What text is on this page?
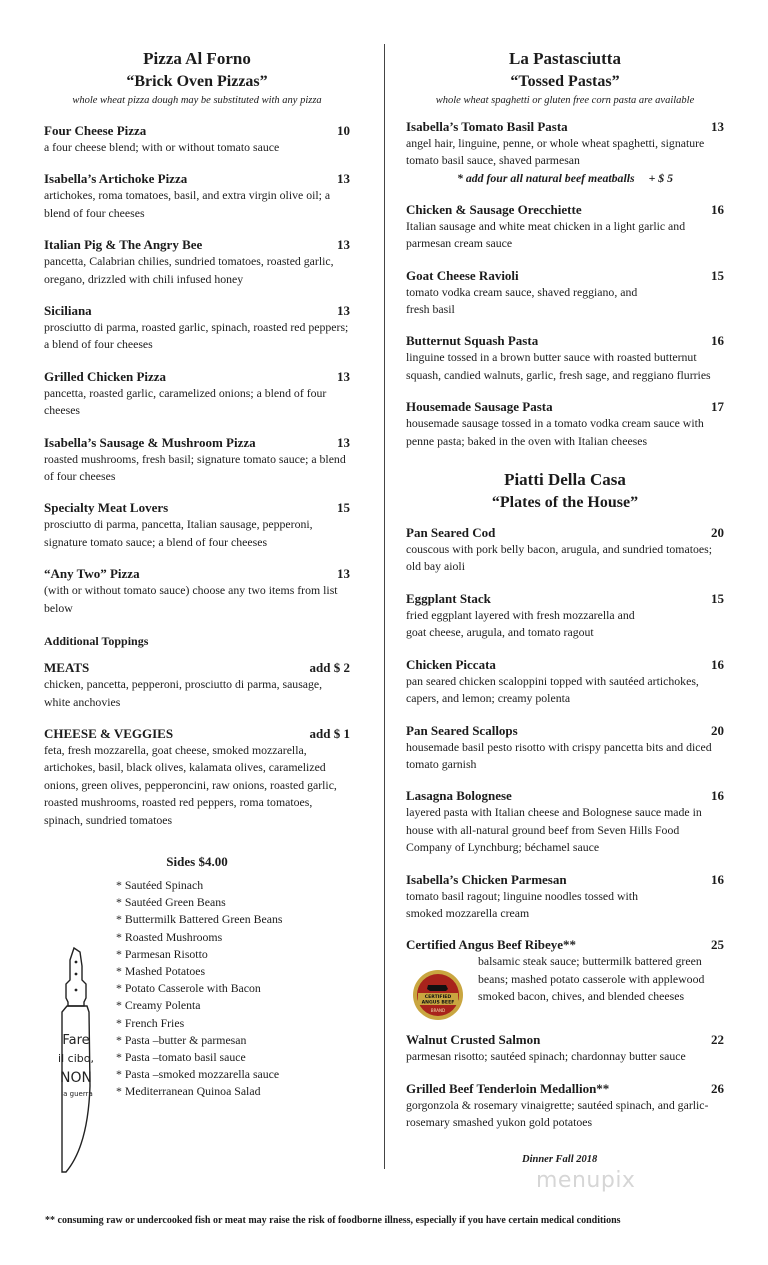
Pizza Al Forno
“Brick Oven Pizzas”
whole wheat pizza dough may be substituted with any pizza
Four Cheese Pizza	10
a four cheese blend; with or without tomato sauce
Isabella’s Artichoke Pizza	13
artichokes, roma tomatoes, basil, and extra virgin olive oil; a blend of four cheeses
Italian Pig & The Angry Bee	13
pancetta, Calabrian chilies, sundried tomatoes, roasted garlic, oregano, drizzled with chili infused honey
Siciliana	13
prosciutto di parma, roasted garlic, spinach, roasted red peppers; a blend of four cheeses
Grilled Chicken Pizza	13
pancetta, roasted garlic, caramelized onions; a blend of four cheeses
Isabella’s Sausage & Mushroom Pizza	13
roasted mushrooms, fresh basil; signature tomato sauce; a blend of four cheeses
Specialty Meat Lovers	15
prosciutto di parma, pancetta, Italian sausage, pepperoni, signature tomato sauce; a blend of four cheeses
“Any Two” Pizza	13
(with or without tomato sauce) choose any two items from list below
Additional Toppings
MEATS	add $ 2
chicken, pancetta, pepperoni, prosciutto di parma, sausage, white anchovies
CHEESE & VEGGIES	add $ 1
feta, fresh mozzarella, goat cheese, smoked mozzarella, artichokes, basil, black olives, kalamata olives, caramelized onions, green olives, pepperoncini, raw onions, roasted garlic, roasted mushrooms, roasted red peppers, roma tomatoes, spinach, sundried tomatoes
Sides $4.00
* Sautéed Spinach
* Sautéed Green Beans
* Buttermilk Battered Green Beans
* Roasted Mushrooms
* Parmesan Risotto
* Mashed Potatoes
* Potato Casserole with Bacon
* Creamy Polenta
* French Fries
* Pasta –butter & parmesan
* Pasta –tomato basil sauce
* Pasta –smoked mozzarella sauce
* Mediterranean Quinoa Salad
Fare
il cibo,
NON
la guerra
La Pastasciutta
“Tossed Pastas”
whole wheat spaghetti or gluten free corn pasta are available
Isabella’s Tomato Basil Pasta	13
angel hair, linguine, penne, or whole wheat spaghetti, signature tomato basil sauce, shaved parmesan
* add four all natural beef meatballs + $ 5
Chicken & Sausage Orecchiette	16
Italian sausage and white meat chicken in a light garlic and parmesan cream sauce
Goat Cheese Ravioli	15
tomato vodka cream sauce, shaved reggiano, and fresh basil
Butternut Squash Pasta	16
linguine tossed in a brown butter sauce with roasted butternut squash, candied walnuts, garlic, fresh sage, and reggiano flurries
Housemade Sausage Pasta	17
housemade sausage tossed in a tomato vodka cream sauce with penne pasta; baked in the oven with Italian cheeses
Piatti Della Casa
“Plates of the House”
Pan Seared Cod	20
couscous with pork belly bacon, arugula, and sundried tomatoes; old bay aioli
Eggplant Stack	15
fried eggplant layered with fresh mozzarella and goat cheese, arugula, and tomato ragout
Chicken Piccata	16
pan seared chicken scaloppini topped with sautéed artichokes, capers, and lemon; creamy polenta
Pan Seared Scallops	20
housemade basil pesto risotto with crispy pancetta bits and diced tomato garnish
Lasagna Bolognese	16
layered pasta with Italian cheese and Bolognese sauce made in house with all-natural ground beef from Seven Hills Food Company of Lynchburg; béchamel sauce
Isabella’s Chicken Parmesan	16
tomato basil ragout; linguine noodles tossed with smoked mozzarella cream
Certified Angus Beef Ribeye**	25
CERTIFIED
ANGUS BEEF
BRAND
balsamic steak sauce; buttermilk battered green beans; mashed potato casserole with applewood smoked bacon, chives, and blended cheeses
Walnut Crusted Salmon	22
parmesan risotto; sautéed spinach; chardonnay butter sauce
Grilled Beef Tenderloin Medallion**	26
gorgonzola & rosemary vinaigrette; sautéed spinach, and garlic-rosemary smashed yukon gold potatoes
Dinner Fall 2018
menupix
** consuming raw or undercooked fish or meat may raise the risk of foodborne illness, especially if you have certain medical conditions
